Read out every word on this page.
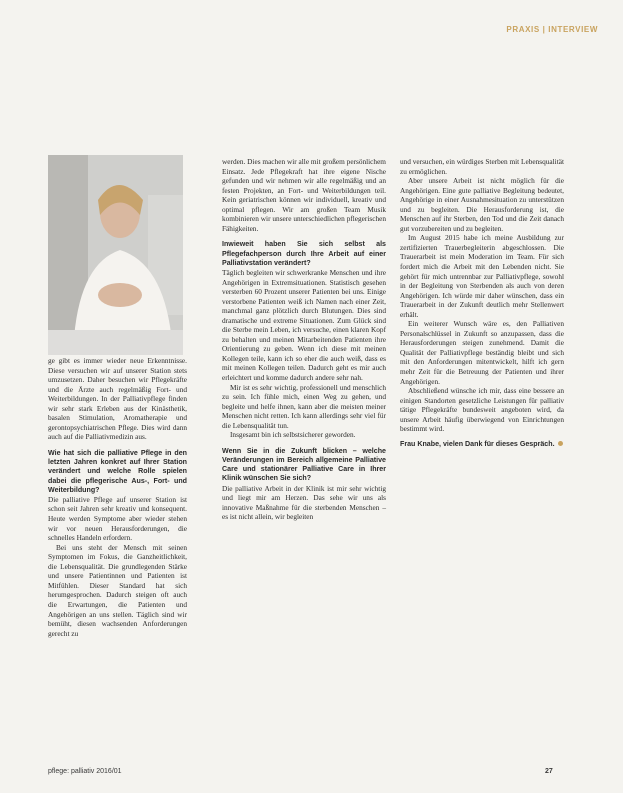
PRAXIS | INTERVIEW

ge gibt es immer wieder neue Erkenntnisse. Diese versuchen wir auf unserer Station stets umzusetzen. Daher besuchen wir Pflegekräfte und die Ärzte auch regelmäßig Fort- und Weiterbildungen. In der Palliativpflege finden wir sehr stark Erleben aus der Kinästhetik, basalen Stimulation, Aromatherapie und gerontopsychiatrischen Pflege. Dies wird dann auch auf die Palliativmedizin aus.

Wie hat sich die palliative Pflege in den letzten Jahren konkret auf Ihrer Station verändert und welche Rolle spielen dabei die pflegerische Aus-, Fort- und Weiterbildung?

Die palliative Pflege auf unserer Station ist schon seit Jahren sehr kreativ und konsequent. Heute werden Symptome aber wieder stehen wir vor neuen Herausforderungen, die schnelles Handeln erfordern.

Bei uns steht der Mensch mit seinen Symptomen im Fokus, die Ganzheitlichkeit, die Lebensqualität. Die grundlegenden Stärke und unsere Patientinnen und Patienten ist Mitfühlen. Dieser Standard hat sich herumgesprochen. Dadurch steigen oft auch die Erwartungen, die Patienten und Angehörigen an uns stellen. Täglich sind wir bemüht, diesen wachsenden Anforderungen gerecht zu

werden. Dies machen wir alle mit großem persönlichem Einsatz. Jede Pflegekraft hat ihre eigene Nische gefunden und wir nehmen wir alle regelmäßig und an festen Projekten, an Fort- und Weiterbildungen teil. Kein geriatrischen können wir individuell, kreativ und optimal pflegen. Wir am großen Team Musik kombinieren wir unsere unterschiedlichen pflegerischen Fähigkeiten.

Inwieweit haben Sie sich selbst als Pflegefachperson durch Ihre Arbeit auf einer Palliativstation verändert?

Täglich begleiten wir schwerkranke Menschen und ihre Angehörigen in Extremsituationen. Statistisch gesehen versterben 60 Prozent unserer Patienten bei uns. Einige verstorbene Patienten weiß ich Namen nach einer Zeit, manchmal ganz plötzlich durch Blutungen. Dies sind dramatische und extreme Situationen. Zum Glück sind die Sterbe mein Leben, ich versuche, einen klaren Kopf zu behalten und meinen Mitarbeitenden Patienten ihre Orientierung zu geben. Wenn ich diese mit meinen Kollegen teile, kann ich so eher die auch weiß, dass es mit meinen Kollegen teilen. Dadurch geht es mir auch erleichtert und komme dadurch andere sehr nah.

Mir ist es sehr wichtig, professionell und menschlich zu sein. Ich fühle mich, einen Weg zu gehen, und begleite und helfe ihnen, kann aber die meisten meiner Menschen nicht retten. Ich kann allerdings sehr viel für die Lebensqualität tun.

Insgesamt bin ich selbstsicherer geworden.

Wenn Sie in die Zukunft blicken – welche Veränderungen im Bereich allgemeine Palliative Care und stationärer Palliative Care in Ihrer Klinik wünschen Sie sich?

Die palliative Arbeit in der Klinik ist mir sehr wichtig und liegt mir am Herzen. Das sehe wir uns als innovative Maßnahme für die sterbenden Menschen – es ist nicht allein, wir begleiten

und versuchen, ein würdiges Sterben mit Lebensqualität zu ermöglichen.

Aber unsere Arbeit ist nicht möglich für die Angehörigen. Eine gute palliative Begleitung bedeutet, Angehörige in einer Ausnahmesituation zu unterstützen und zu begleiten. Die Herausforderung ist, die Menschen auf ihr Sterben, den Tod und die Zeit danach gut vorzubereiten und zu begleiten.

Im August 2015 habe ich meine Ausbildung zur zertifizierten Trauerbegleiterin abgeschlossen. Die Trauerarbeit ist mein Moderation im Team. Für sich fordert mich die Arbeit mit den Lebenden nicht. Sie gehört für mich untrennbar zur Palliativpflege, sowohl in der Begleitung von Sterbenden als auch von deren Angehörigen. Ich würde mir daher wünschen, dass ein Trauerarbeit in der Zukunft deutlich mehr Stellenwert erhält.

Ein weiterer Wunsch wäre es, den Palliativen Personalschlüssel in Zukunft so anzupassen, dass die Herausforderungen steigen zunehmend. Damit die Qualität der Palliativpflege beständig bleibt und sich mit den Anforderungen mitentwickelt, hilft ich gern mehr Zeit für die Betreuung der Patienten und ihrer Angehörigen.

Abschließend wünsche ich mir, dass eine bessere an einigen Standorten gesetzliche Leistungen für palliativ tätige Pflegekräfte bundesweit angeboten wird, da unsere Arbeit häufig überwiegend von Einrichtungen bestimmt wird.

Frau Knabe, vielen Dank für dieses Gespräch.
pflege: palliativ 2016/01	27
